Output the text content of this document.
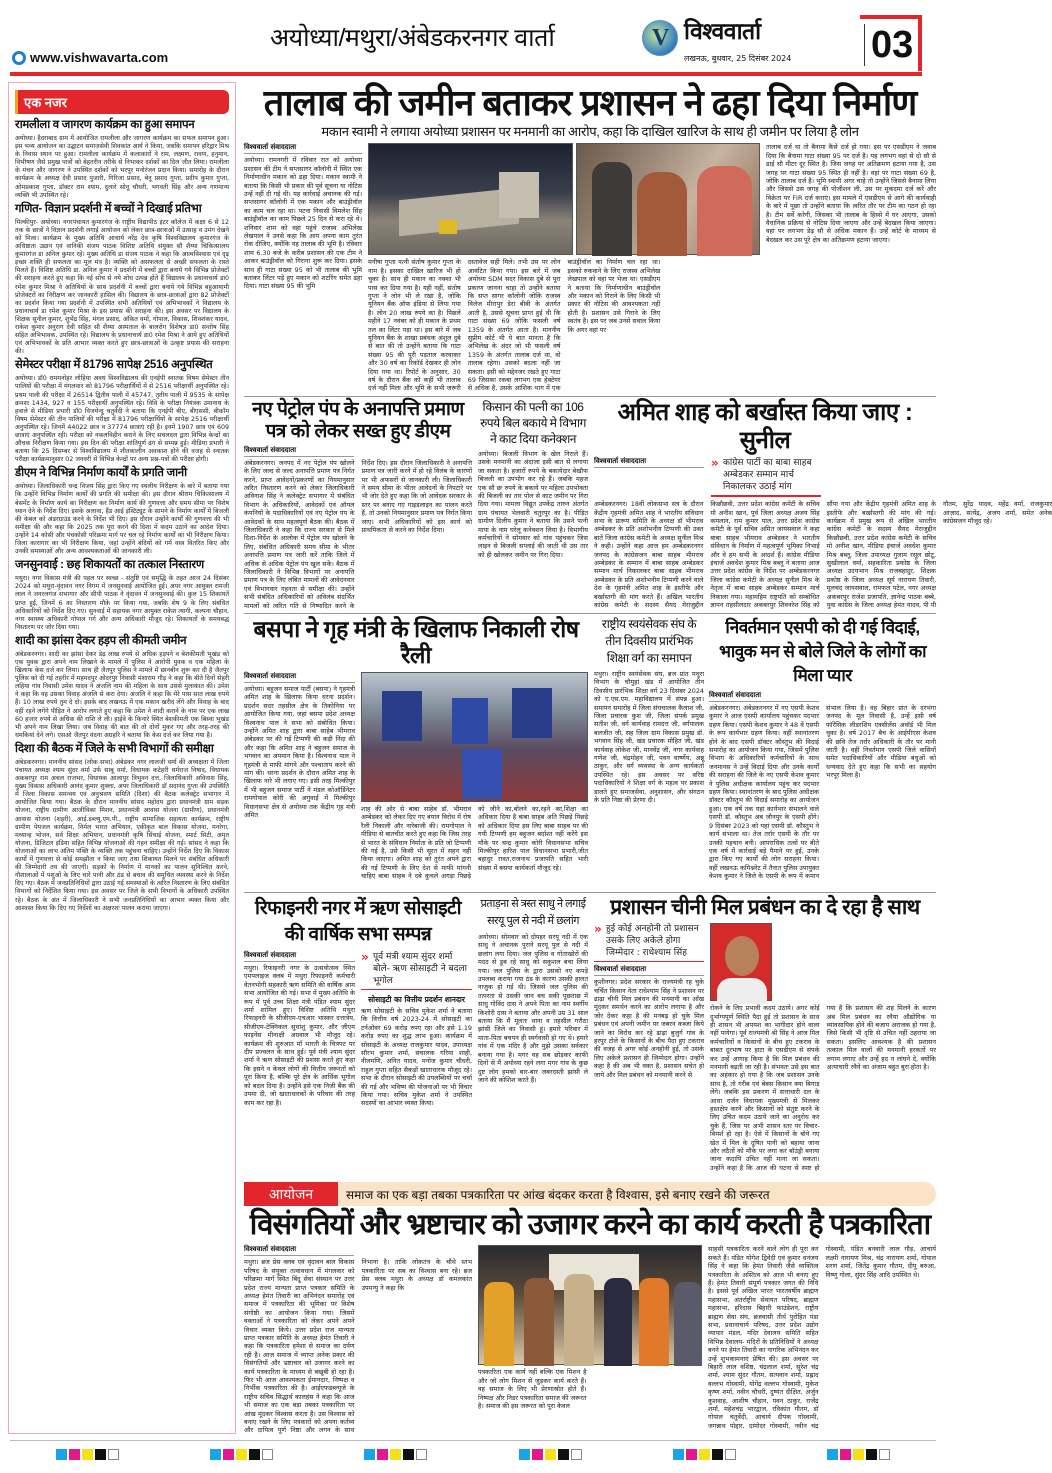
www.vishwavarta.com
अयोध्या/मथुरा/अंबेडकरनगर वार्ता	V विश्ववार्ता
लखनऊ, बुधवार, 25 दिसंबर 2024 03
एक नजर
रामलीला व जागरण कार्यक्रम का हुआ समापन
अयोध्या। हैदराबाद ग्राम में आयोजित रामलीला और जागरण कार्यक्रम का सफल समापन हुआ। इस भव्य आयोजन का उद्घाटन समाजसेवी शिवकांत आर्य ने किया, जबकि समापन हरिद्वार मिश्र के निवास स्थान पर हुआ। रामलीला कार्यक्रम में कलाकारों ने राम, लक्ष्मण, रावण, हनुमान, विभीषण जैसे प्रमुख पात्रों को बेहतरीन तरीके से निभाकर दर्शकों का दिल जीत लिया। रामलीला के मंचन और जागरण ने उपस्थित दर्शकों को भरपूर मनोरंजन प्रदान किया। समारोह के दौरान कार्यक्रम के अध्यक्ष देवी प्रसाद पुजारी, गिरिजा प्रसाद, बेनू प्रसाद गुप्ता, प्रदीप कुमार गुप्ता, ओमप्रकाश गुप्ता, डॉक्टर राम श्याम, दुलारे सोनू चौधरी, भगवती सिंह और अन्य गणमान्य व्यक्ति भी उपस्थित रहे।
गणित- विज्ञान प्रदर्शनी में बच्चों ने दिखाई प्रतिभा
मिल्कीपुर- अयोध्या। नगरपंचायत कुमारगंज के राष्ट्रीय विद्यापीठ इंटर कॉलेज में कक्षा 6 से 12 तक के छात्रों ने विज्ञान प्रदर्शनी लगाई आयोजन को लेकर छात्र-छात्राओं में उत्साह व उमंग देखने को मिला। कार्यक्रम के मुख्य अतिथि आचार्य नरेंद्र देव कृषि विश्वविद्यालय कुमारगंज के अधिष्ठाता उद्यान एवं वानिकी संजय पाठक विशिष्ट अतिथि संयुक्त सौ शैय्या चिकित्सालय कुमारगंज डा अनिल कुमार रहे। मुख्य अतिथि डा संजय पाठक ने कहा कि आत्मविश्वास एवं दृढ़ इच्छा शक्ति ही सफलता का मूल मंत्र है। व्यक्ति को असफलता से अच्छी सफलता के रास्ते मिलते हैं। विशिष्ट अतिथि डा. अनिल कुमार ने प्रदर्शनी में बच्चों द्वारा बनाये गये विभिन्न प्रोजेक्टों की सराहना करते हुए कहा कि नई सोच से नये शोध उत्पन्न होते हैं विद्यालय के प्रधानाचार्य डा0 रमेश कुमार मिश्रा ने अतिथियों के साथ प्रदर्शनी में बच्चों द्वारा बनाये गये विभिन्न बहुआयामी प्रोजेक्टरों का निरीक्षण कर जानकारी हासिल की। विद्यालय के छात्र-छात्राओं द्वारा 82 प्रोजेक्टों का प्रदर्शन किया गया प्रदर्शनी में उपस्थित सभी अतिथियों एवं अभिभावकों ने विद्यालय के प्रधानाचार्य डा रमेश कुमार मिश्रा के इस प्रयास की सराहना की। इस अवसर पर विद्यालय के शिक्षक सुनील कुमार, शुभेंद्र सिंह, मंगल प्रसाद, अंकित वर्मा, गोपाल, विकास, शिवशंकर यादव, राकेश कुमार अनुराग देवी सहित सौ शैय्या अस्पताल के बालरोग विशेषज्ञ डा0 सन्तोष सिंह सहित अभिभावक, उपस्थित रहे। विद्यालय के प्रधानाचार्य डा0 रमेश मिश्रा ने आये हुए अतिथियों एवं अभिभावकों के प्रति आभार व्यक्त करते हुए छात्र-छात्राओं के उत्कृष्ट प्रयास की सराहना की।
सेमेस्टर परीक्षा में 81796 सापेक्ष 2516 अनुपस्थित
अयोध्या। डॉ0 राममनोहर लोहिया अवध विश्वविद्यालय की एनईपी स्नातक विषम सेमेस्टर तीन पालियों की परीक्षा में मंगलवार को 81796 परीक्षार्थियों में से 2516 परीक्षार्थी अनुपस्थित रहे। प्रथम पाली की परीक्षा में 26514 द्वितीय पाली में 45747, तृतीय पाली में 9535 के सापेक्ष क्रमशः 1434, 927 व 155 परीक्षार्थी अनुपस्थित रहे। विवि के परीक्षा नियंत्रक उमानाथ के हवाले से मीडिया प्रभारी डॉ0 विजयेन्दु चतुर्वेदी ने बताया कि एनईपी बीए, बीएससी, बीकॉम विषम सेमेस्टर की तीन पालियों की परीक्षा में 81796 परीक्षार्थियों के सापेक्ष 2516 परीक्षार्थी अनुपस्थित रहे। जिनमें 44022 छात्र व 37774 छात्राएं रही है। इनमें 1907 छात्र एवं 609 छात्राएं अनुपस्थित रही। परीक्षा को नकलविहीन कराने के लिए सचलदल द्वारा विभिन्न केन्द्रों का औचक निरीक्षण किया गया। इस दिन की परीक्षा शांतिपूर्ण ढंग से सम्पन्न हुई। मीडिया प्रभारी ने बताया कि 25 दिसम्बर से विश्वविद्यालय में शीतकालीन अवकाश होने की वजह से स्नातक परीक्षा कार्यक्रमानुसार 02 जनवरी से विभिन्न केन्द्रों पर अन्य प्रश्न-पत्रों की परीक्षा होगी।
डीएम ने विभिन्न निर्माण कार्यों के प्रगति जानी
अयोध्या। जिलाधिकारी चन्द्र विजय सिंह द्वारा किए गए स्थलीय निरीक्षण के बारे में बताया गया कि उन्होंने विभिन्न निर्माण कार्यों की प्रगति की समीक्षा की। इस दौरान श्रीराम चिकित्सालय में बेसमेंट के निर्माण कार्य का निरीक्षण कर निर्माण कार्य की गुणवत्ता और समय सीमा पर विशेष ध्यान देने के निर्देश दिए। इसके अलावा, हैंड आई इंस्टिट्यूट के सामने के निर्माण कार्यों में बिजली की केबल को अंडरग्राउंड करने के निर्देश भी दिए। इस दौरान उन्होंने कार्यों की गुणवत्ता की भी समीक्षा की और कहा कि 2025 तक पूरा करने की दिशा में कदम उठाने का आदेश दिया। उन्होंने 14 कोसी और पंचकोसी परिक्रमा मार्ग पर चल रहे निर्माण कार्यों का भी निरीक्षण किया। जिला कारागार का भी निरीक्षण किया, जहां उन्होंने बंदियों को गर्म वस्त्र वितरित किए और उनकी समस्याओं और अन्य आवश्यकताओं की जानकारी ली।
जनसुनवाई : छह शिकायतों का तत्काल निस्तारण
मथुरा। नगर विकास मंत्री की पहल पर स्वच्छ - संतुष्टि एवं समृद्धि के तहत आज 24 दिसंबर 2024 को मथुरा-वृंदावन नगर निगम में जनसुनवाई आयोजित हुई। अपर नगर आयुक्त रामजी लाल ने जनरलगंज सभागार और सीपी पाठक ने वृंदावन में जनसुनवाई की। कुल 15 शिकायतें प्राप्त हुईं, जिनमें 6 का निस्तारण मौके पर किया गया, जबकि शेष 9 के लिए संबंधित अधिकारियों को निर्देश दिए गए। सुनवाई में सहायक नगर आयुक्त राकेश त्यागी, कल्पना चौहान, नगर स्वास्थ्य अधिकारी गोपाल गर्ग और अन्य अधिकारी मौजूद रहे। शिकायतों के समयबद्ध निस्तारण पर जोर दिया गया।
शादी का झांसा देकर हड़प ली कीमती जमीन
अंबेडकरनगर। शादी का झांसा देकर डेढ़ लाख रुपये से अधिक हड़पने व बेशकीमती भूखंड को एक युवक द्वारा अपने नाम लिखाने के मामले में पुलिस ने आरोपी युवक व एक महिला के खिलाफ केस दर्ज कर लिया। साथ ही जैतपुर पुलिस ने मामले में छानबीन शुरू कर दी है जैतपुर पुलिस को दी गई तहरीर में महमदपुर ओदरपुर निवासी मंशाराम गौड़ ने कहा कि बीते दिनों सेहरी लहिया गांव निवासी उमेश यादव ने अंजलि नाम की महिला के साथ उससे मुलाकात की। उमेश ने कहा कि वह उसका विवाह अंजलि से करा देगा। अंजलि ने कहा कि मेरे पास सात लाख रुपये हैं। 10 लाख रुपये तुम दे दो। इसके बाद लखनऊ में एक मकान खरीद लेंगे और विवाह के बाद वहीं रहने लगेंगे पीड़ित ने आरोप लगाते हुए कहा कि उमेश ने शादी कराने के नाम पर एक लाख 60 हजार रुपये से अधिक की राशि ले ली। हाईवे के किनारे स्थित बेशकीमती एक बिस्वा भूखंड भी अपने नाम लिखा लिया। जब विवाह की बात की तो दोनों मुकर गए और तरह-तरह की धमकियां देने लगे। एसओ जैतपुर वंदना अग्रहरि ने बताया कि केस दर्ज कर लिया गया है।
दिशा की बैठक में जिले के सभी विभागों की समीक्षा
अंबेडकरनगर। माननीय सांसद (लोक सभा) अंबेडकर नगर लालजी वर्मा की अध्यक्षता में जिला पंचायत अध्यक्ष श्याम सुंदर वर्मा उर्फ साबू वर्मा, विधायक कटेहरी धर्मराज निषाद, विधायक अकबरपुर राम अचल राजभर, विधायक आलापुर त्रिभुवन दत्त, जिलाधिकारी अविनाश सिंह, मुख्य विकास अधिकारी आनंद कुमार शुक्ला, अपर जिलाधिकारी डॉ सदानंद गुप्ता की उपस्थिति में जिला विकास समन्वय एवं अनुश्रवण समिति (दिशा) की बैठक कलेक्ट्रेट सभागार में आयोजित किया गया। बैठक के दौरान माननीय सांसद महोदय द्वारा प्रधानमंत्री ग्राम सड़क योजना, राष्ट्रीय ग्रामीण आजीविका मिशन, प्रधानमंत्री आवास योजना (ग्रामीण), प्रधानमंत्री आवास योजना (शहरी), आई.डब्ल्यू.एम.पी., राष्ट्रीय सामाजिक सहायता कार्यक्रम, राष्ट्रीय ग्रामीण पेयजल कार्यक्रम, निर्मल भारत अभियान, एकीकृत बाल विकास योजना, मनरेगा, मध्यान्ह भोजन, सर्व शिक्षा अभियान, प्रधानमंत्री कृषि सिंचाई योजना, स्मार्ट सिटी, अमृत योजना, डिजिटल इंडिया सहित विभिन्न योजनाओं की गहन समीक्षा की गई। सांसद ने कहा कि योजनाओं का लाभ अंतिम पंक्ति के व्यक्ति तक पहुंचना चाहिए। उन्होंने निर्देश दिए कि विकास कार्यों में गुणवत्ता से कोई समझौता न किया जाए तथा शिकायत मिलने पर संबंधित अधिकारी की जिम्मेदारी तय की जाएगी। सड़कों के निर्माण में मानकों का पालन सुनिश्चित करने, गौशालाओं में पशुओं के लिए चारे पानी और ठंड से बचाव की समुचित व्यवस्था करने के निर्देश दिए गए। बैठक में जनप्रतिनिधियों द्वारा उठाई गई समस्याओं के त्वरित निस्तारण के लिए संबंधित विभागों को निर्देशित किया गया। इस अवसर पर जिले के सभी विभागों के अधिकारी उपस्थित रहे। बैठक के अंत में जिलाधिकारी ने सभी जनप्रतिनिधियों का आभार व्यक्त किया और आश्वस्त किया कि दिए गए निर्देशों का अक्षरशः पालन कराया जाएगा।
तालाब की जमीन बताकर प्रशासन ने ढहा दिया निर्माण
मकान स्वामी ने लगाया अयोध्या प्रशासन पर मनमानी का आरोप, कहा कि दाखिल खारिज के साथ ही जमीन पर लिया है लोन
विश्ववार्ता संवाददाता
अयोध्या। रामनगरी में रविवार रात को अयोध्या प्रशासन की टीम ने सप्तसागर कॉलोनी में स्थित एक निर्माणाधीन मकान को ढहा दिया। मकान स्वामी ने बताया कि किसी भी प्रकार की पूर्व सूचना या नोटिस उन्हें नहीं दी गई थी। यह कार्रवाई अचानक की गई। सप्तसागर कॉलोनी में एक मकान और बाउंड्रीवॉल का काम चल रहा था। पटना निवासी विमलेश सिंह बाउंड्रीवॉल का काम पिछले 25 दिन से करा रहे थे। शनिवार शाम को वहां पहुंचे राजस्व अभिलेख लेखपाल ने उनसे कहा कि आप अपना काम तुरंत रोक दीजिए, क्योंकि यह तालाब की भूमि है। रविवार शाम 6.30 बजे के करीब प्रशासन की एक टीम ने आकर बाउंड्रीवॉल को गिराना शुरू कर दिया। इसके साथ ही गाटा संख्या 95 को भी तालाब की भूमि बताकर लिंटर पड़े हुए मकान को शटरिंग समेत ढहा दिया। गाटा संख्या 95 की भूमि
मनीषा गुप्ता पत्नी संतोष कुमार गुप्ता के नाम है। इसका दाखिल खारिज भी हो चुका है। साथ ही मकान का नक्शा भी पास कर दिया गया है। यही नहीं, संतोष गुप्ता ने लोन भी ले रखा है, जोकि यूनियन बैंक ऑफ इंडिया से लिया गया है। लोन 20 लाख रुपये का है। पिछले महीने 17 नवंबर को ही मकान के प्रथम तल का लिंटर पड़ा था। इस बारे में जब यूनियन बैंक के शाखा प्रबंधक अंशुल दुबे से बात की तो उन्होंने बताया कि गाटा संख्या 95 की पूरी पड़ताल करवाकर और 30 वर्ष का रिकॉर्ड देखकर ही लोन दिया गया था। रिपोर्ट के अनुसार, 30 वर्ष के दौरान बैंक को कहीं भी तालाब दर्ज नहीं मिला और भूमि के सभी जरूरी दस्तावेज सही मिले। तभी उस पर लोन आवंटित किया गया। इस बारे में जब अयोध्या SDM सदर विकास दुबे से पूरा प्रकरण जानना चाहा तो उन्होंने बताया कि सप्त सागर कॉलोनी जोकि राजस्व विलेज मीरापुर डेरा बीबी के अंतर्गत आती है, उससे सूचना प्राप्त हुई थी कि गाटा संख्या 69 जोकि फसली वर्ष 1359 के अंतर्गत आता है। माननीय सुप्रीम कोर्ट भी ये बात मानता है कि अभिलेख के अंदर जो भी फसली वर्ष 1359 के अंतर्गत तालाब दर्ज था, वो तालाब रहेगा। उसको बदला नहीं जा सकता। इसी को मद्देनजर रखते हुए गाटा 69 जिसका रकबा लगभग एक हेक्टेयर से अधिक है, उसके आंशिक भाग में एक बाउंड्रीवॉल का निर्माण चल रहा था। इसको रुकवाने के लिए राजस्व अभिलेख लेखपाल को वहां पर भेजा था। एसडीएम ने बताया कि निर्माणाधीन बाउंड्रीवॉल और मकान को गिराने के लिए किसी भी प्रकार की नोटिस की आवश्यकता नहीं होती है। प्रशासन उसे गिराने के लिए स्वतंत्र है। इस पर जब उनसे सवाल किया कि अगर वहां पर
तालाब दर्ज था तो बैनामा कैसे दर्ज हो गया। इस पर एसडीएम ने जवाब दिया कि बैनामा गाटा संख्या 95 पर दर्ज है। यह लगभग वहां से दो सौ से ढाई सौ मीटर दूर स्थित है। जिस जगह पर अतिक्रमण हटाया गया है, उस जगह पर गाटा संख्या 95 स्थित ही नहीं है। वहां पर गाटा संख्या 69 है, जोकि तालाब दर्ज है। भूमि स्वामी अगर चाहे तो उन्होंने जिससे बैनामा लिया और जिससे उस जगह की पोजीशन ली, उस पर मुकदमा दर्ज करें और विक्रेता पर FIR दर्ज कराएं। इस मामले में एसडीएम से आगे की कार्यवाही के बारे में पूछा तो उन्होंने बताया कि त्वरित तौर पर टीम का गठन हो रहा है। टीम सर्वे करेगी, जिसका भी तालाब के हिस्से में घर आएगा, उसको वैधानिक प्रक्रिया से नोटिस दिया जाएगा और उन्हें बेदखल किया जाएगा। वहां पर लगभग डेढ़ सौ से अधिक मकान हैं। उन्हें कोर्ट के माध्यम से बेदखल कर उस पूरे क्षेत्र का अतिक्रमण हटाया जाएगा।
नए पेट्रोल पंप के अनापत्ति प्रमाण पत्र को लेकर सख्त हुए डीएम
विश्ववार्ता संवाददाता
अंबेडकरनगर। जनपद में नए पेट्रोल पंप खोलने के लिए जल्द से जल्द अनापत्ति प्रमाण पत्र निर्गत करने, प्राप्त आवेदनों/प्रकरणों का नियमानुसार त्वरित निस्तारण करने को लेकर जिलाधिकारी अविनाश सिंह ने कलेक्ट्रेट सभागार में संबंधित विभाग के अधिकारियों, आवेदकों एवं ऑयल कंपनियों के पदाधिकारियों एवं नए पेट्रोल पंप के आवेदकों के साथ महत्वपूर्ण बैठक की। बैठक में जिलाधिकारी ने कहा कि राज्य सरकार से मिले दिशा-निर्देश के आलोक में पेट्रोल पंप खोलने के लिए, संबंधित अधिकारी समय सीमा के भीतर अनापत्ति प्रमाण पत्र जारी करें ताकि जिले में अधिक से अधिक पेट्रोल पंप खुल सकें। बैठक में जिलाधिकारी ने विभिन्न विभागों पर अनापत्ति प्रमाण पत्र के लिए लंबित मामलों की आवेदनवार एवं विभागवार गहनता से समीक्षा की। उन्होंने सभी संबंधित अधिकारियों को अविलंब संदर्भित मामलों को त्वरित गति से निष्पादित करने के निर्देश दिए। इस दौरान जिलाधिकारी ने अनापत्ति प्रमाण पत्र जारी करने में हो रहे विलंब के कारणों पर भी अफसरों से जानकारी ली। जिलाधिकारी ने समय सीमा के भीतर आवेदनों के निपटारे पर भी जोर देते हुए कहा कि जो आवेदक सरकार के स्तर पर बनाए गए गाइडलाइन का पालन करते हैं, तो उनको नियमानुसार प्रमाण पत्र निर्गत किया जाए। सभी अधिकारियों को इस कार्य को प्राथमिकता से करने का निर्देश दिया।
किसान की पत्नी का 106 रुपये बिल बकाये मे विभाग ने काट दिया कनेक्शन
अयोध्या। बिजली विभाग के खेल निराले हैं। उसके मनमानी का अंदाजा इसी बात से लगाया जा सकता है। हजारों रुपये के बकायेदार बेखौफ बिजली का उपभोग कर रहे हैं। जबकि महज एक सौ छः रुपये के बकाये पर महिला उपभोक्ता की बिजली का तार पोल से काट जमीन पर गिरा दिया गया। मामला विद्युत उपकेंद्र तारुन अंतर्गत ग्राम पंचायत भेलवारी चतुरपुर का है। पीड़ित ग्रामीण दिलीप कुमार ने बताया कि उसने पत्नी माया के नाम घरेलू कनेक्शन लिया है। विभागीय कर्मचारियों ने सोमवार को गांव पहुंचकर जिस लाइन से बिजली सप्लाई की जाती थी उस तार को ही खोलकर जमीन पर गिरा दिया।
अमित शाह को बर्खास्त किया जाए : सुनील
विश्ववार्ता संवाददाता	» कांग्रेस पार्टी का बाबा साहब अम्बेडकर सम्मान मार्च निकालकर उठाई मांग
अम्बेडकरनगर। 18वीं लोकसभा सत्र के दौरान केंद्रीय गृहमंत्री अमित शाह ने भारतीय संविधान सभा के प्रारूप समिति के अध्यक्ष डॉ भीमराव अम्बेडकर के प्रति अशोभनीय टिप्पणी की उक्त बातें जिला कांग्रेस कमेटी के अध्यक्ष सुनील मिश्र ने कही। उन्होंने कहा आज हम अम्बेडकरनगर जनपद के कांग्रेसजन बाबा साहब भीमराव अम्बेडकर के सम्मान में बाबा साहब अम्बेडकर सम्मान मार्च निकालकर बाबा साहब भीमराव अम्बेडकर के प्रति अशोभनीय टिप्पणी करने वाले देश के गृहमंत्री अमित शाह के इस्तीफे और बर्खास्तगी की मांग करते हैं। अखिल भारतीय कांग्रेस कमेटी के सदस्य सैयद मेराजुद्दीन किछौछवी, उत्तर प्रदेश कांग्रेस कमेटी के सचिव मो अनीश खान, पूर्व जिला अध्यक्ष अजय सिंह कमलान, राम कुमार पाल, उत्तर प्रदेश कांग्रेस कमेटी के पूर्व सचिव अमित जायसवाल ने कहा बाबा साहब भीमराव अम्बेडकर ने भारतीय संविधान के निर्माण में महत्वपूर्ण भूमिका निभाई और वे हम सभी के आदर्श हैं। कांग्रेस मीडिया इंचार्ज अवधेश कुमार मिश्र बब्लू ने बताया आज उत्तर प्रदेश कांग्रेस के निर्देश पर अम्बेडकरनगर जिला कांग्रेस कमेटी के अध्यक्ष सुनील मिश्र के नेतृत्व में बाबा साहब अम्बेडकर सम्मान मार्च निकाला गया। महामहिम राष्ट्रपति को सम्बोधित ज्ञापन तहसीलदार अकबरपुर शिवनरेश सिंह को सौंपा गया और केंद्रीय गृहमंत्री अमित शाह के इस्तीफे और बर्खास्तगी की मांग की गई। कार्यक्रम में प्रमुख रूप से अखिल भारतीय कांग्रेस कमेटी के सदस्य सैयद मेराजुद्दीन किछौछवी, उत्तर प्रदेश कांग्रेस कमेटी के सचिव मो अनीश खान, मीडिया इंचार्ज अवधेश कुमार मिश्र बब्लू, जिला उपाध्यक्ष गुलाम रसूल छोटू, सुखीलाल वर्मा, सहकारिता प्रकोष्ठ के जिला अध्यक्ष उदयभान मिश्र राजबहादुर, शिक्षक प्रकोष्ठ के जिला अध्यक्ष सूर्य नारायण तिवारी, मूलचंद जायसवाल, रामफल पटेल, नगर अध्यक्ष अकबरपुर राजेश प्रजापति, ज्ञानेन्द्र पाठक बब्बे, युवा कांग्रेस के जिला अध्यक्ष हेमंत यादव, पी पी गौतम, सुरेंद्र यादव, महेंद्र वर्मा, राजकुमार आज़ाद, सत्येंद्र, अजय शर्मा, समेत अनेक कांग्रेसजन मौजूद रहे।
बसपा ने गृह मंत्री के खिलाफ निकाली रोष रैली
विश्ववार्ता संवाददाता
अयोध्या। बहुजन समाज पार्टी (बसपा) ने गृहमंत्री अमित शाह के खिलाफ किया धरना प्रदर्शन। प्रदर्शन सदर तहसील क्षेत्र के तिकोनिया पर आयोजित किया गया, जहां बसपा प्रदेश अध्यक्ष विश्वनाथ पाल ने सभा को संबोधित किया। उन्होंने अमित शाह द्वारा बाबा साहेब भीमराव अंबेडकर पर की गई टिप्पणी की कड़ी निंदा की और कहा कि अमित शाह ने बहुजन समाज के भगवान का अपमान किया है। विश्वनाथ पाल ने गृहमंत्री से माफी मांगने और पश्चाताप करने की मांग की। धरना प्रदर्शन के दौरान अमित शाह के खिलाफ नारे भी लगाए गए। इसी तरह मिल्कीपुर में भी बहुजन समाज पार्टी ने मंडल कोऑर्डिनेटर रामगोपाल कोरी की अगुवाई में मिल्कीपुर विधानसभा क्षेत्र से अयोध्या तक केंद्रीय गृह मंत्री अमित
शाह की ओर से बाबा साहेब डॉ. भीमराव अम्बेडकर को लेकर दिए गए बयान विरोध में रोष रैली निकाली और नारेबाजी की। रामगोपाल ने मीडिया से बातचीत करते हुए कहा कि जिस तरह से भारत के संविधान निर्माता के प्रति जो टिप्पणी की गई है, उसे किसी भी सूरत में सहन नहीं किया जाएगा। अमित शाह को तुरंत अपने द्वारा की गई टिप्पणी के लिए देश से माफी मांगनी चाहिए बाबा साहब ने दबे कुचले अगड़ा पिछड़े को जीने का,बोलने का,रहने का,शिक्षा का अधिकार दिया है बाबा साहब अति पिछड़े पिछड़े को अधिकार दिया इस लिए बाबा साहब पर की गयी टिप्पणी हम बहुजन बर्दाश्त नहीं करेंगे इस मौके पर चन्द्र कुमार कोरी विधानसभा सचिव मिल्कीपुर हारिश पाल विधानसभा प्रभारी,जीत बहादुर रावत,राजनाथ प्रजापति सहित भारी संख्या में बसपा कार्यकर्ता मौजूद रहे।
राष्ट्रीय स्वयंसेवक संघ के तीन दिवसीय प्रारंभिक शिक्षा वर्ग का समापन
मथुरा। राष्ट्रीय स्वयंसेवक संघ, ब्रज प्रांत मथुरा विभाग के चौमुहां खंड में आयोजित तीन दिवसीय प्रारंभिक शिक्षा वर्ग 23 दिसंबर 2024 को ए.एस.एम. महाविद्यालय में संपन्न हुआ। समापन समारोह में जिला संघचालक कैलाश जी, जिला प्रचारक कुश जी, जिला संपर्क प्रमुख सतीश जी, वर्ग कार्यवाह रामदत्त जी, वर्गपालक बलजीत जी, सह जिला ग्राम विकास प्रमुख डॉ. भगवान सिंह जी, खंड प्रचारक मोहित जी, खंड कार्यवाह लोकेश जी, मानवेंद्र जी, नगर कार्यवाह गणेश जी, चंद्रमोहन जी, पवन वार्ष्णेय, अन्नू ठाकुर, और वर्ग व्यवस्था के अन्य कार्यकर्ता उपस्थित रहे। इस अवसर पर वरिष्ठ पदाधिकारियों ने शिक्षा वर्ग के महत्व पर प्रकाश डालते हुए समाजसेवा, अनुशासन, और संगठन के प्रति निष्ठा की प्रेरणा दी।
निवर्तमान एसपी को दी गई विदाई, भावुक मन से बोले जिले के लोगों का मिला प्यार
विश्ववार्ता संवाददाता
अंबेडकरनगर। अंबेडकरनगर में नए एसपी केशव कुमार ने आज एसपी कार्यालय पहुंचकर पदभार ग्रहण किया। एसपी केशव कुमार ने 48 वें एसपी के रूप कार्यभार ग्रहण किया। वहीं स्थानांतरण होने के बाद एसपी डॉक्टर कौस्तुभ की विदाई समारोह का आयोजन किया गया, जिसमें पुलिस विभाग के अधिकारियों कर्मचारियों के साथ जनमानस ने उन्हें विदाई दिया और उनके कार्यों की सराहना की जिले के नए एसपी केशव कुमार ने पुलिस अधीक्षक कार्यालय पहुंच कर पदभार ग्रहण किया। स्थानांतरण के बाद पुलिस अधीक्षक डॉक्टर कौस्तुभ की विदाई समारोह का आयोजन हुआ। एक वर्ष तक यहां कार्यभार संभालने वाले एसपी डॉ. कौस्तुभ अब जौनपुर के एसपी होंगे। 9 दिसंबर 2023 को यहां एसपी डॉ. कौस्तुभ ने कार्य संभाला था। तेज तर्रार एसपी के तौर पर उनकी पहचान बनी। आपराधिक तत्वों पर बीते एक वर्ष में कार्रवाई बड़े पैमाने पर हुई, उनके द्वारा किए गए कार्यों की लोग सराहना किया। वहीं लखनऊ कमिश्नरेट में तैनात पुलिस उपायुक्त केशव कुमार ने जिले के एसपी के रूप में कमान संभाल लिया है। वह बिहार प्रांत के दरभंगा जनपद के मूल निवासी है, उन्हें इसी वर्ष फॉरेंसिक लीडरशिप एक्सीलेंस अवॉर्ड भी मिल चुका है। वर्ष 2017 बैच के आईपीएस केशव की छवि तेज तर्रार अधिकारी के तौर पर मानी जाती है। वहीं निवर्तमान एसपी जिले वासियों समेत पदाधिकारियों और मीडिया बंधुओं को धन्यवाद देते हुए कहा कि सभी का सहयोग भरपूर मिला है।
रिफाइनरी नगर में ऋण सोसाइटी की वार्षिक सभा सम्पन्न
विश्ववार्ता संवाददाता
मथुरा। रिफाइनरी नगर के उत्सवोत्सव स्थित एमपलाइज क्लब में मथुरा रिफाइनरी कर्मचारी वेतनभोगी सहकारी ऋण समिति की वार्षिक आम सभा आयोजित की गई। सभा में मुख्य अतिथि के रूप में पूर्व उच्च शिक्षा मंत्री पंडित श्याम सुंदर शर्मा शामिल हुए। विशिष्ट अतिथि मथुरा रिफाइनरी के सीजीएम-एचआर भास्कर दत्तात्रेय, सीजीएम-टेक्निकल सुधांशु कुमार, और जीएम फाइनेंस मीनाक्षी अग्रवाल भी मौजूद रहे। कार्यक्रम की शुरुआत माँ भारती के चित्रपट पर दीप प्रज्वलन के साथ हुई। पूर्व मंत्री श्याम सुंदर शर्मा ने ऋण सोसाइटी की प्रशंसा करते हुए कहा कि इसने न केवल लोगों की वित्तीय जरूरतों को पूरा किया है, बल्कि पूरे क्षेत्र के आर्थिक भूगोल को बदल दिया है। उन्होंने इसे एक निजी बैंक की उपमा दी, जो खाताधारकों के परिवार की तरह काम कर रहा है।
» पूर्व मंत्री श्याम सुंदर शर्मा बोले- ऋण सोसाइटी ने बदला भूगोल
सोसाइटी का वित्तीय प्रदर्शन शानदार
ऋण सोसाइटी के सचिव मुकेश शर्मा ने बताया कि वित्तीय वर्ष 2023-24 में सोसाइटी का टर्नओवर 69 करोड़ रुपए रहा और इसे 1.19 करोड़ रुपए का शुद्ध लाभ हुआ। कार्यक्रम में सोसाइटी के अध्यक्ष राजकुमार यादव, उपाध्यक्ष सौरभ कुमार शर्मा, संचालक गरिमा शाही, नीलमणि, अनित यादव, मनोज कुमार चौधरी, राहुल गुप्ता सहित सैकड़ों खाताधारक मौजूद रहे। सभा के दौरान सोसाइटी की उपलब्धियों पर चर्चा की गई और भविष्य की योजनाओं पर भी विचार किया गया। सचिव मुकेश शर्मा ने उपस्थित सदस्यों का आभार व्यक्त किया।
प्रताड़ना से त्रस्त साधु ने लगाई सरयू पुल से नदी में छलांग
अयोध्या। सोमवार को दोपहर सरयू नदी में एक साधु ने अचानक पुराने सरयू पुल से नदी में छलांग लगा दिया। जल पुलिस व गोताखोरों की मदद से डूब रहे साधु को सकुशल बचा लिया गया। जल पुलिस के द्वारा उसको नए कपड़े उपलब्ध कराया गया ठंड के कारण उसकी हालत नाजुक हो गई थी। जिससे जल पुलिस की तत्परता से उसकी जान बच सकी पूछताछ में साधु गोविंद दास ने अपने पिता का नाम स्वर्गीय किशोरी दास ने बताया और अपनी उम्र 31 साल बताया कि मैं मूलतः थाना व तहसील गरौठा झांसी जिले का निवासी हूं। हमारे परिवार में माता-पिता बचपन ही स्वर्गवासी हो गए थे। हमारे गांव में एक मंदिर है और मुझे उसका सर्वकार बनाया गया है। मगर वह सब छोड़कर काफी दिनों से मैं अयोध्या रहने लगा मगर गांव के कुछ दुष्ट लोग हमको बार-बार जबरदस्ती झांसी ले जाने की कोशिश करते हैं।
प्रशासन चीनी मिल प्रबंधन का दे रहा है साथ
» हुई कोई अनहोनी तो प्रशासन उसके लिए अकेले होगा जिम्मेदार : राधेश्याम सिंह
विश्ववार्ता संवाददाता
कुशीनगर। प्रदेश सरकार के राज्यमंत्री रह चुके चर्चित किसान नेता राधेश्याम सिंह ने प्रशासन पर ढाढ़ा चीनी मिल प्रबंधन की मनमानी का आँख मूंदकर समर्थन करने का आरोप लगाया है और जोर देकर कहा है की मनबढ़ हो चुके मिल प्रबंधन एवं अपनी जमीन पर जबरन कब्जा किये जाने का विरोध कर रहे ढाढ़ा बुजुर्ग गांव के हरपुर टोले के किसानों के बीच पैदा हुए टकराव की वजह से अगर कोई अनहोनी हुई, तो उसके लिए अकेले प्रशासन ही जिम्मेदार होगा। उन्होंने कहा है की अब भी वक्त है, प्रशासन सचेत हो जाये और मिल प्रबंधन को मनमानी करने से
रोकने के लिए प्रभावी कदम उठाये। अगर कोई दुर्भाग्यपूर्ण स्थिति पैदा हुई तो प्रशासन के साथ ही शासन भी अपयश का भागीदार होने वाला नहीं पायेगा। पूर्व राज्यमंत्री श्री सिंह ने आज मिल कर्मचारियों व किसानों के बीच हुए टकराव के बाबत दूरभाष पर हाटा के एसडीएम से संपर्क कर उन्हें आगाह किया है कि मिल प्रबंधन की मनमानी बढ़ती जा रही है। संभवतः उसे इस बात का अहंकार हो गया है कि जब प्रशासन उनके साथ है, तो गरीब एवं बेबस किसान क्या बिगाड़ लेंगे। जबकि इस प्रकरण में सत्ताधारी दल के आधा दर्जन विधायक मुख्यमंत्री से मिलकर हस्तक्षेप करने और किसानों को संतुष्ट करने के लिए उचित कदम उठाये जाने का अनुरोध कर चुके हैं, जिस पर अभी शासन स्तर पर विचार-विमर्श हो रहा है। ऐसे में किसानों के बोये गए खेत में मिल के दूषित पानी को बहाया जाना और लठैतों को मौके पर लगा कर बॉउंड्री बनाया जाना कदापि उचित नहीं माना जा सकता। उन्होंने कहा है कि आज की घटना से स्पष्ट हो गया है कि प्रशासन की शह मिलने के कारण अब मिल प्रबंधन का रवैया औद्योगिक या व्यावसायिक होने की बजाय अराजक हो गया है, जिसे किसी भी दृष्टि से उचित नहीं ठहराया जा सकता। इसलिए आवश्यक है की प्रशासन तत्काल मिल वालों की मनमानी हरकतों पर लगाम लगाए और उन्हें हद न लांघने दे, क्योंकि अत्याचारी रवैये का अंजाम बहुत बुरा होता है।
आयोजन	समाज का एक बड़ा तबका पत्रकारिता पर आंख बंदकर करता है विश्वास, इसे बनाए रखने की जरूरत
विसंगतियों और भ्रष्टाचार को उजागर करने का कार्य करती है पत्रकारिता
विश्ववार्ता संवाददाता
मथुरा। ब्रज प्रेस क्लब एवं वृंदावन बाल विकास परिषद के संयुक्त तत्वावधान में मंगलवार को परिक्रमा मार्ग स्थित बिंदु सेवा संस्थान पर उत्तर प्रदेश राज्य मान्यता प्राप्त पत्रकार समिति के अध्यक्ष हेमंत तिवारी का अभिनंदन समारोह एवं समाज में पत्रकारिता की भूमिका पर विशेष संगोष्ठी का आयोजन किया गया। जिसमें वक्ताओं ने पत्रकारिता को लेकर अपने अपने विचार व्यक्त किये। उत्तर प्रदेश राज मान्यता प्राप्त पत्रकार समिति के अध्यक्ष हेमंत तिवारी ने कहा कि पत्रकारिता हमेशा से समाज का दर्पण रही है। आज समाज में व्याप्त अनेक प्रकार की विसंगतियों और भ्रष्टाचार को उजागर करने का कार्य पत्रकारिता के माध्यम से बखूबी हो रहा है। फिर भी आज आवश्यकता ईमानदार, निष्पक्ष व निर्भीक पत्रकारिता की है। आईएफडब्ल्यूजे के राष्ट्रीय सचिव सिद्धार्थ कालहंस ने कहा कि आज भी समाज का एक बड़ा तबका पत्रकारिता पर आंख मूंदकर विश्वास करता है। उस विश्वास को बनाए रखने के लिए पत्रकारों को अपना कर्तव्य और दायित्व पूर्ण निष्ठा और लगन के साथ निभाना है। ताकि लोकतंत्र के चौथे स्तंभ पत्रकारिता पर सब का विश्वास बना रहे। ब्रज प्रेस क्लब मथुरा के अध्यक्ष डॉ कमलकांत उपमन्यु ने कहा कि
पत्रकारिता एक कार्य नहीं बल्कि एक मिशन है और जो लोग मिशन से जुड़कर कार्य करते हैं। वह समाज के लिए भी प्रेरणास्रोत होते हैं। निष्पक्ष और निडर पत्रकारिता समाज की जरूरत है। समाज की इस जरूरत को पूरा केवल
साहसी पत्रकारिता करने वाले लोग ही पूरा कर सकते हैं। पंडित योगेश द्विवेदी एवं कुमार धनंजय सिंह ने कहा कि हेमंत तिवारी जैसे व्यक्तित्व पत्रकारिता के अस्तित्व को आज भी बनाए हुए हैं। हेमंत तिवारी संपूर्ण पत्रकार जगत की निधि है। इससे पूर्व अखिल भारत भारतवर्षीय ब्राह्मण महासभा, अंतर्राष्ट्रीय सेवायत परिषद, ब्राह्मण महासभा, हरिदास बिहारी फाउंडेशन, राष्ट्रीय ब्राह्मण सेवा संघ, ब्रजवासी तीर्थ पुरोहित पंडा सभा, प्रधानाचार्य परिषद, उत्तर प्रदेश उद्योग व्यापार मंडल, मंदिर देवालय समिति सहित विभिन्न देवालय- मंदिरों के प्रतिनिधियों ने अध्यक्ष बनने पर हेमंत तिवारी का नागरिक अभिनंदन कर उन्हें शुभकामनाएं प्रेषित की। इस अवसर पर बिहारी लाल वशिष्ठ, चंद्रलाल शर्मा, सुरेश चंद्र शर्मा, श्याम सुंदर गौतम, सत्यवान शर्मा, प्रह्लाद वल्लभ गोस्वामी, योगेंद्र वल्लभ गोस्वामी, मुकेश कृष्ण शर्मा, नवीन चौधरी, दुष्यंत दीक्षित, अर्जुन कुशवाह, आशीष चौहान, पवन ठाकुर, राजेंद्र शर्मा, महेशचंद्र भारद्वाज, रविकांत गौतम, डॉ गोपाल चतुर्वेदी, आचार्य दीपक गोस्वामी, जगन्नाथ पोद्दार, दामोदर गोस्वामी, नवीन चंद्र गोस्वामी, पंडित बनवारी लाल गौड़, आचार्य लक्ष्मी नारायण मिश्र, चंद्र नारायण शर्मा, गोपाल शरण शर्मा, जितेंद्र कुमार गौतम, दीपू बरुआ, विष्णु गोला, सुंदर सिंह आदि उपस्थित थे।
